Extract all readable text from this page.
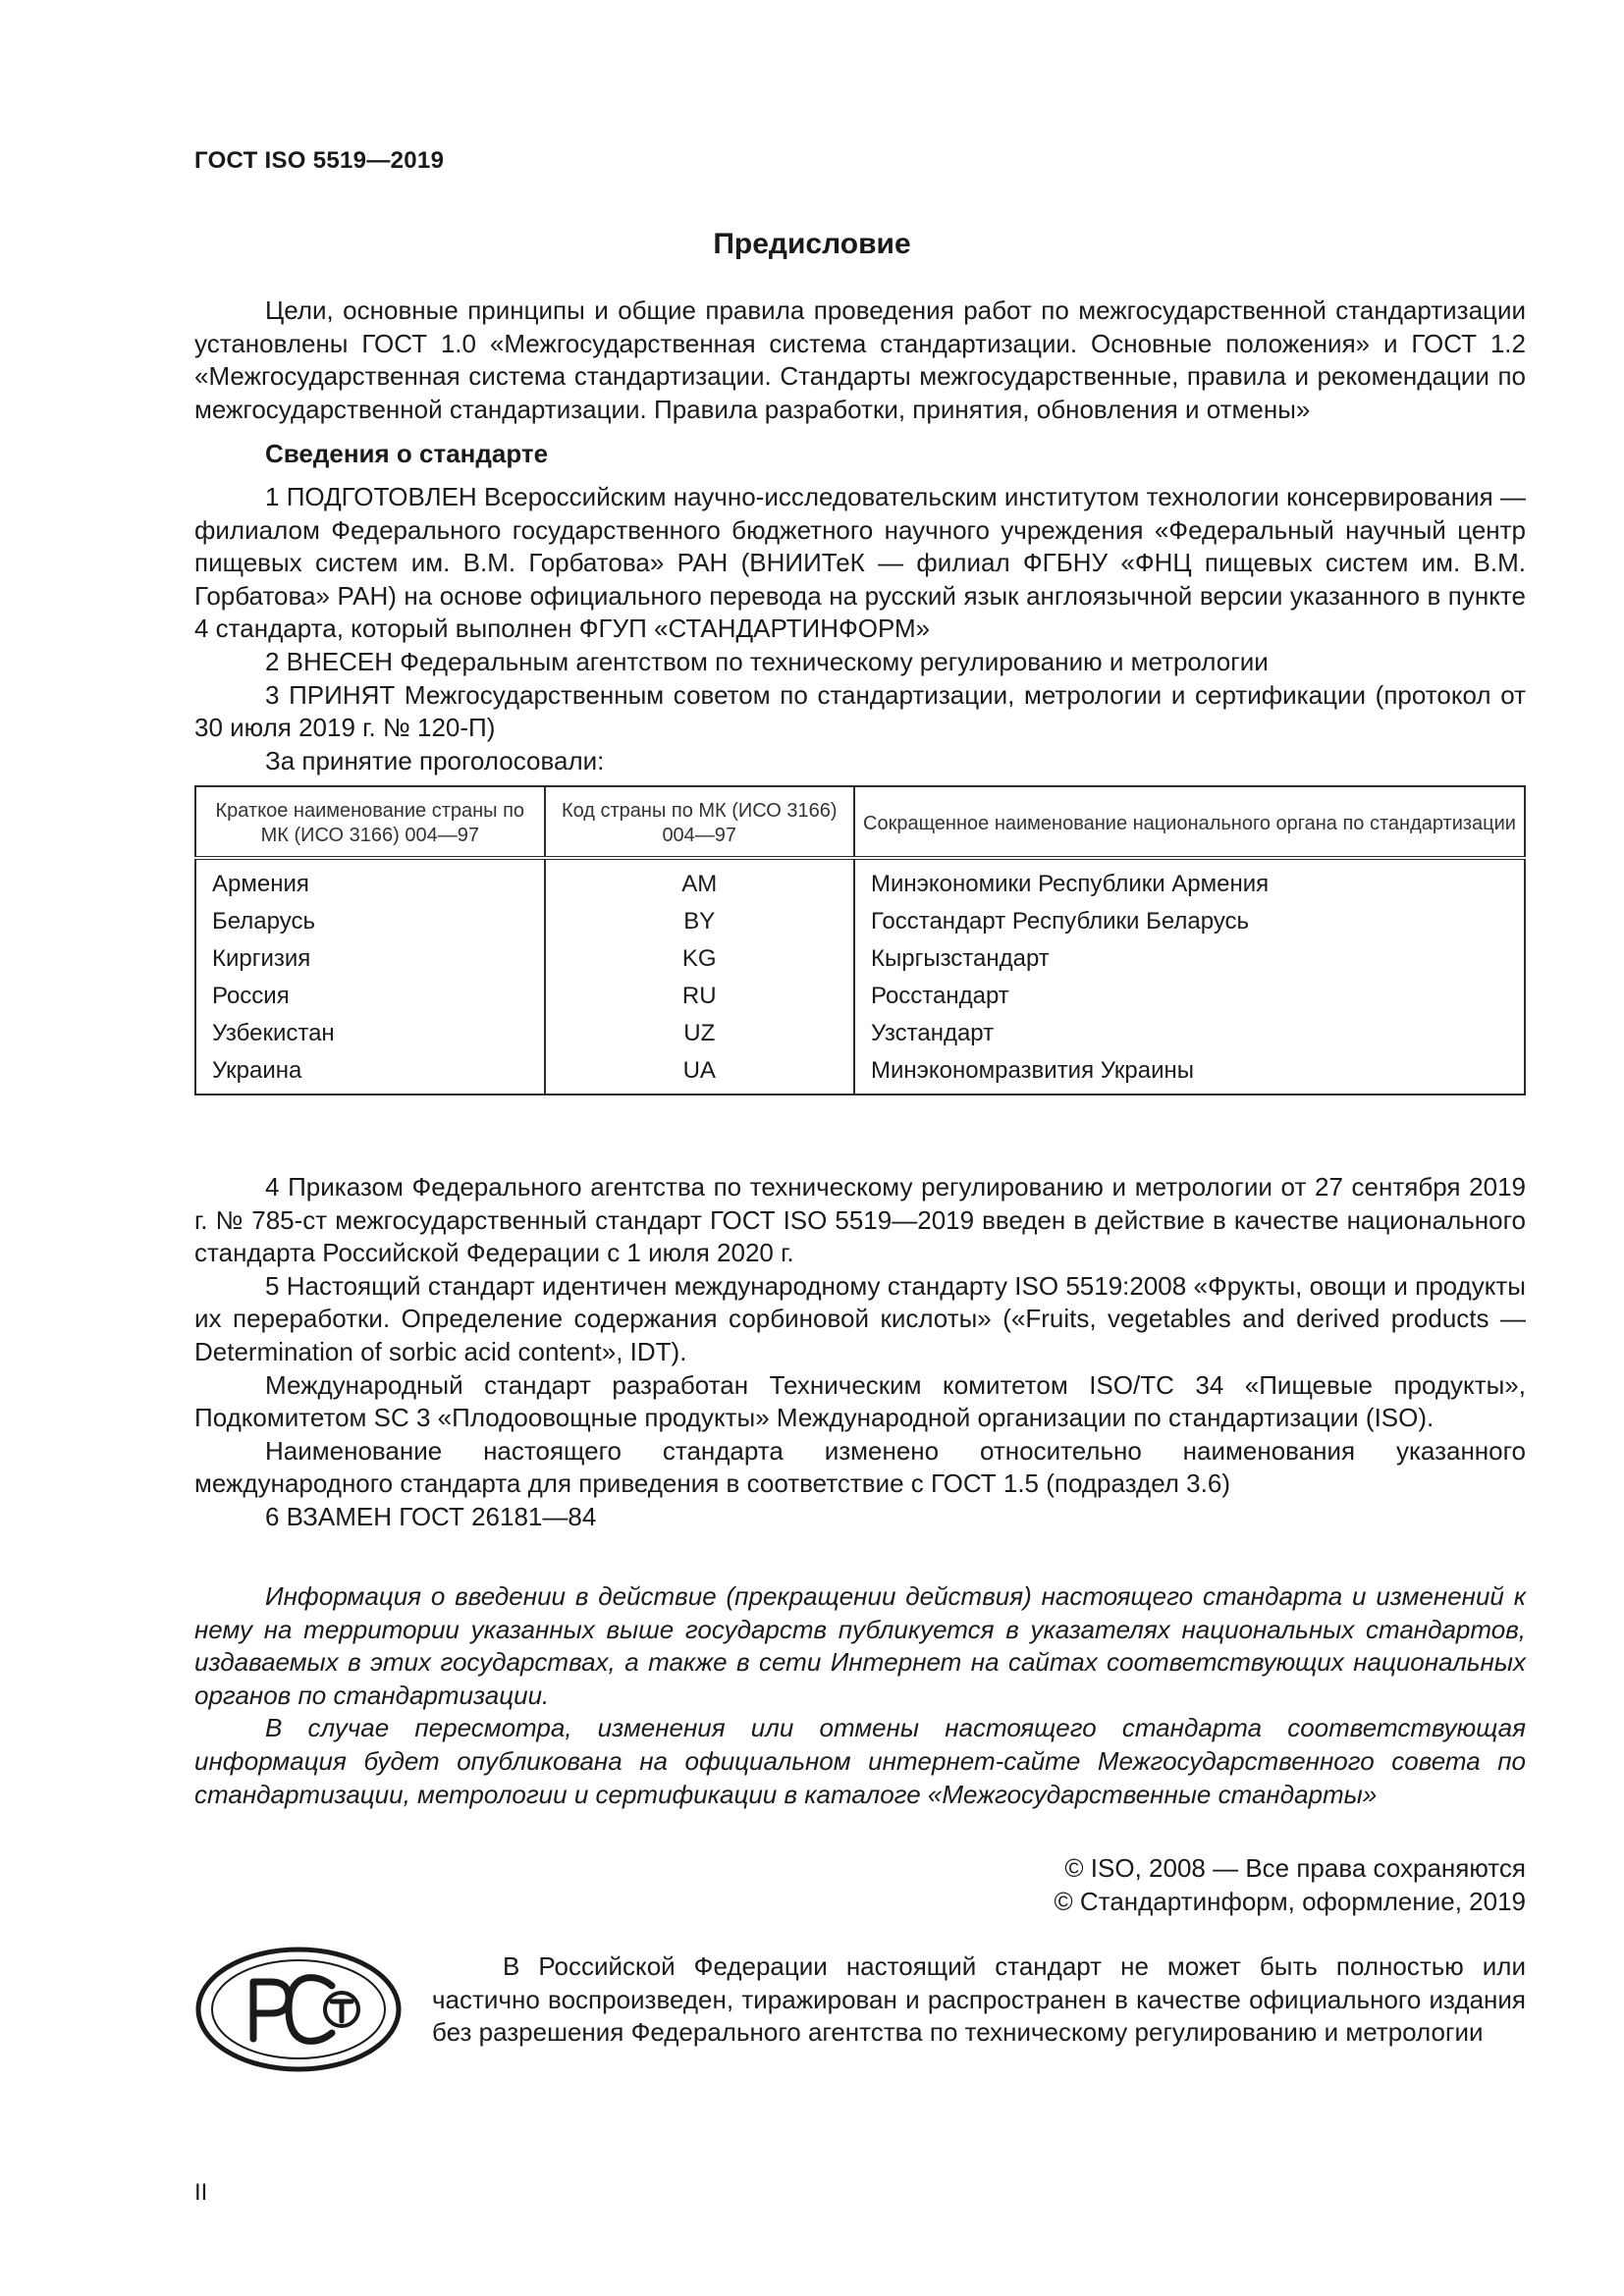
ГОСТ ISO 5519—2019
Предисловие

Цели, основные принципы и общие правила проведения работ по межгосударственной стандартизации установлены ГОСТ 1.0 «Межгосударственная система стандартизации. Основные положения» и ГОСТ 1.2 «Межгосударственная система стандартизации. Стандарты межгосударственные, правила и рекомендации по межгосударственной стандартизации. Правила разработки, принятия, обновления и отмены»

Сведения о стандарте

1 ПОДГОТОВЛЕН Всероссийским научно-исследовательским институтом технологии консервирования — филиалом Федерального государственного бюджетного научного учреждения «Федеральный научный центр пищевых систем им. В.М. Горбатова» РАН (ВНИИТеК — филиал ФГБНУ «ФНЦ пищевых систем им. В.М. Горбатова» РАН) на основе официального перевода на русский язык англоязычной версии указанного в пункте 4 стандарта, который выполнен ФГУП «СТАНДАРТИНФОРМ»

2 ВНЕСЕН Федеральным агентством по техническому регулированию и метрологии

3 ПРИНЯТ Межгосударственным советом по стандартизации, метрологии и сертификации (протокол от 30 июля 2019 г. № 120-П)

За принятие проголосовали:

Краткое наименование страны по МК (ИСО 3166) 004—97	Код страны по МК (ИСО 3166) 004—97	Сокращенное наименование национального органа по стандартизации
Армения	AM	Минэкономики Республики Армения
Беларусь	BY	Госстандарт Республики Беларусь
Киргизия	KG	Кыргызстандарт
Россия	RU	Росстандарт
Узбекистан	UZ	Узстандарт
Украина	UA	Минэкономразвития Украины

4 Приказом Федерального агентства по техническому регулированию и метрологии от 27 сентября 2019 г. № 785-ст межгосударственный стандарт ГОСТ ISO 5519—2019 введен в действие в качестве национального стандарта Российской Федерации с 1 июля 2020 г.

5 Настоящий стандарт идентичен международному стандарту ISO 5519:2008 «Фрукты, овощи и продукты их переработки. Определение содержания сорбиновой кислоты» («Fruits, vegetables and derived products — Determination of sorbic acid content», IDT).

Международный стандарт разработан Техническим комитетом ISO/TC 34 «Пищевые продукты», Подкомитетом SC 3 «Плодоовощные продукты» Международной организации по стандартизации (ISO).

Наименование настоящего стандарта изменено относительно наименования указанного международного стандарта для приведения в соответствие с ГОСТ 1.5 (подраздел 3.6)

6 ВЗАМЕН ГОСТ 26181—84

Информация о введении в действие (прекращении действия) настоящего стандарта и изменений к нему на территории указанных выше государств публикуется в указателях национальных стандартов, издаваемых в этих государствах, а также в сети Интернет на сайтах соответствующих национальных органов по стандартизации.

В случае пересмотра, изменения или отмены настоящего стандарта соответствующая информация будет опубликована на официальном интернет-сайте Межгосударственного совета по стандартизации, метрологии и сертификации в каталоге «Межгосударственные стандарты»

© ISO, 2008 — Все права сохраняются
© Стандартинформ, оформление, 2019

В Российской Федерации настоящий стандарт не может быть полностью или частично воспроизведен, тиражирован и распространен в качестве официального издания без разрешения Федерального агентства по техническому регулированию и метрологии

II
